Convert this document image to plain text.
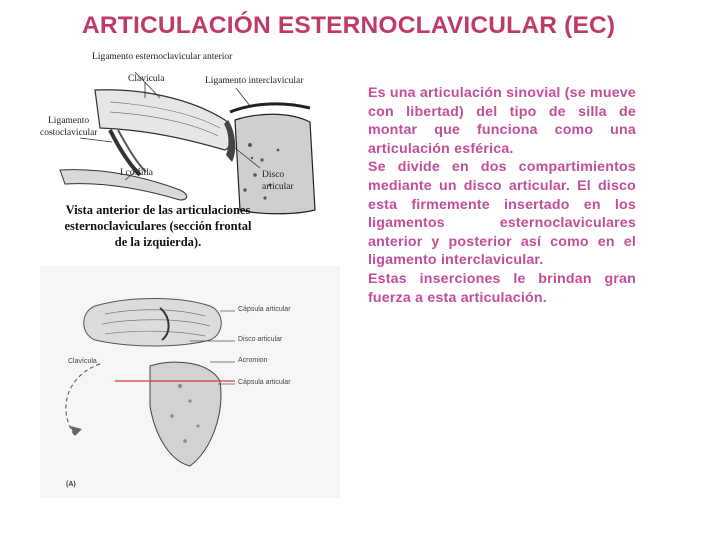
ARTICULACIÓN ESTERNOCLAVICULAR (EC)
Ligamento esternoclavicular anterior
Clavícula	Ligamento interclavicular
Ligamento
costoclavicular
I costilla	Disco
articular
Vista anterior de las articulaciones esternoclaviculares (sección frontal de la izquierda).
Cápsula articular
Disco articular
Acromion
Cápsula articular
Clavícula
(A)

Es una articulación sinovial (se mueve con libertad) del tipo de silla de montar que funciona como una articulación esférica.

Se divide en dos compartimientos mediante un disco articular. El disco esta firmemente insertado en los ligamentos esternoclaviculares anterior y posterior así como en el ligamento interclavicular.

Estas inserciones le brindan gran fuerza a esta articulación.
